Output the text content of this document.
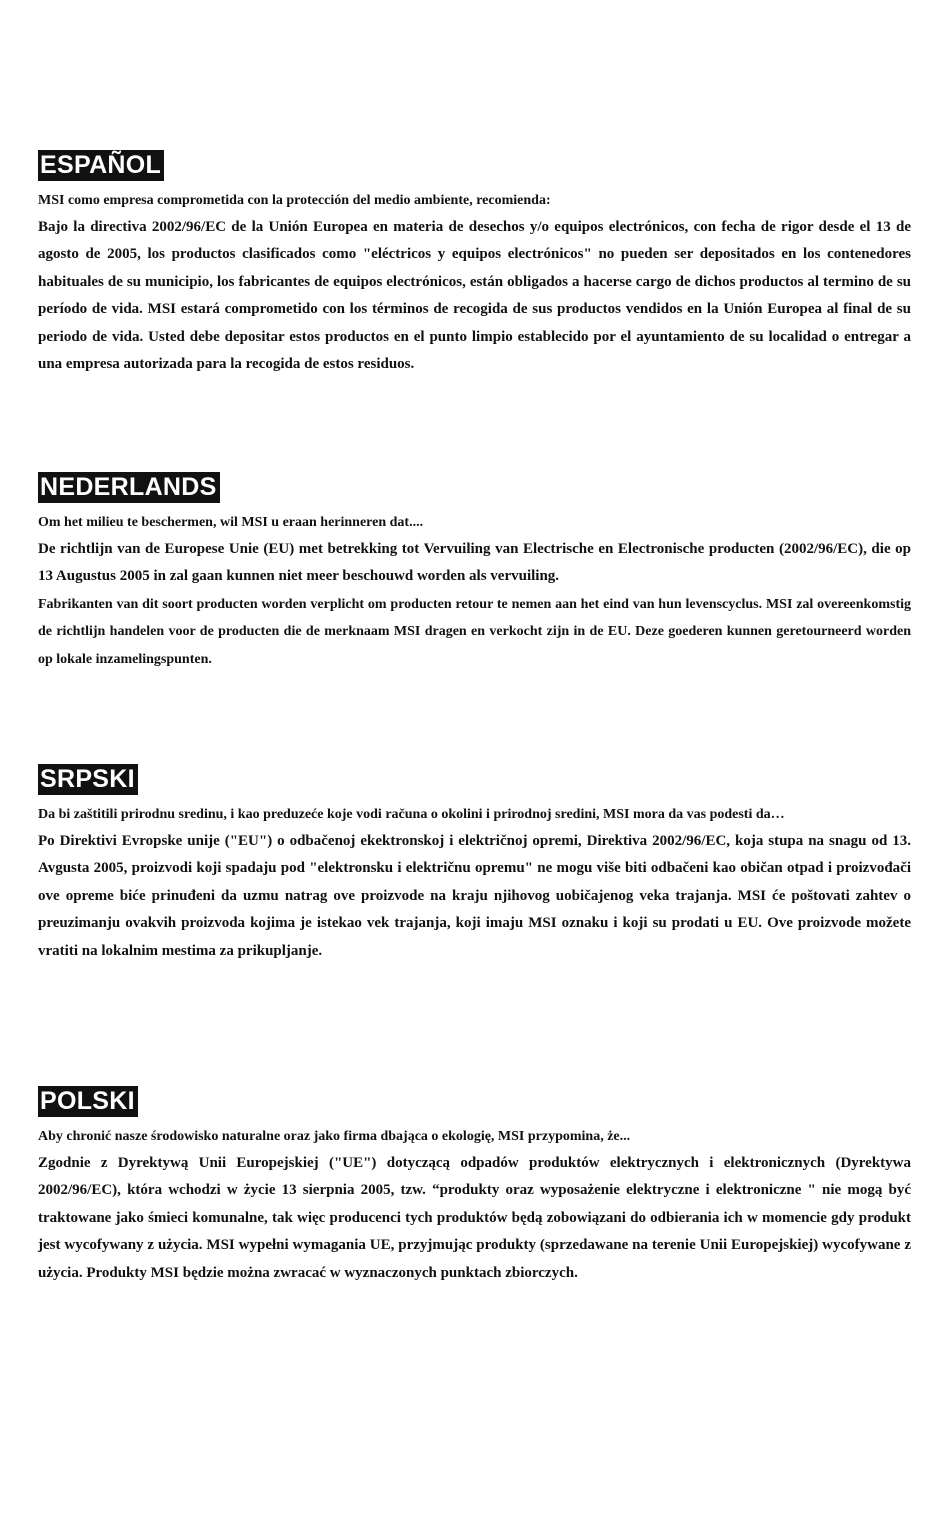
ESPAÑOL

MSI como empresa comprometida con la protección del medio ambiente, recomienda:

Bajo la directiva 2002/96/EC de la Unión Europea en materia de desechos y/o equipos electrónicos, con fecha de rigor desde el 13 de agosto de 2005, los productos clasificados como "eléctricos y equipos electrónicos" no pueden ser depositados en los contenedores habituales de su municipio, los fabricantes de equipos electrónicos, están obligados a hacerse cargo de dichos productos al termino de su período de vida. MSI estará comprometido con los términos de recogida de sus productos vendidos en la Unión Europea al final de su periodo de vida. Usted debe depositar estos productos en el punto limpio establecido por el ayuntamiento de su localidad o entregar a una empresa autorizada para la recogida de estos residuos.

NEDERLANDS

Om het milieu te beschermen, wil MSI u eraan herinneren dat....

De richtlijn van de Europese Unie (EU) met betrekking tot Vervuiling van Electrische en Electronische producten (2002/96/EC), die op 13 Augustus 2005 in zal gaan kunnen niet meer beschouwd worden als vervuiling.

Fabrikanten van dit soort producten worden verplicht om producten retour te nemen aan het eind van hun levenscyclus. MSI zal overeenkomstig de richtlijn handelen voor de producten die de merknaam MSI dragen en verkocht zijn in de EU. Deze goederen kunnen geretourneerd worden op lokale inzamelingspunten.

SRPSKI

Da bi zaštitili prirodnu sredinu, i kao preduzeće koje vodi računa o okolini i prirodnoj sredini, MSI mora da vas podesti da…

Po Direktivi Evropske unije ("EU") o odbačenoj ekektronskoj i električnoj opremi, Direktiva 2002/96/EC, koja stupa na snagu od 13. Avgusta 2005, proizvodi koji spadaju pod "elektronsku i električnu opremu" ne mogu više biti odbačeni kao običan otpad i proizvođači ove opreme biće prinuđeni da uzmu natrag ove proizvode na kraju njihovog uobičajenog veka trajanja. MSI će poštovati zahtev o preuzimanju ovakvih proizvoda kojima je istekao vek trajanja, koji imaju MSI oznaku i koji su prodati u EU. Ove proizvode možete vratiti na lokalnim mestima za prikupljanje.

POLSKI

Aby chronić nasze środowisko naturalne oraz jako firma dbająca o ekologię, MSI przypomina, że...

Zgodnie z Dyrektywą Unii Europejskiej ("UE") dotyczącą odpadów produktów elektrycznych i elektronicznych (Dyrektywa 2002/96/EC), która wchodzi w życie 13 sierpnia 2005, tzw. “produkty oraz wyposażenie elektryczne i elektroniczne " nie mogą być traktowane jako śmieci komunalne, tak więc producenci tych produktów będą zobowiązani do odbierania ich w momencie gdy produkt jest wycofywany z użycia. MSI wypełni wymagania UE, przyjmując produkty (sprzedawane na terenie Unii Europejskiej) wycofywane z użycia. Produkty MSI będzie można zwracać w wyznaczonych punktach zbiorczych.
